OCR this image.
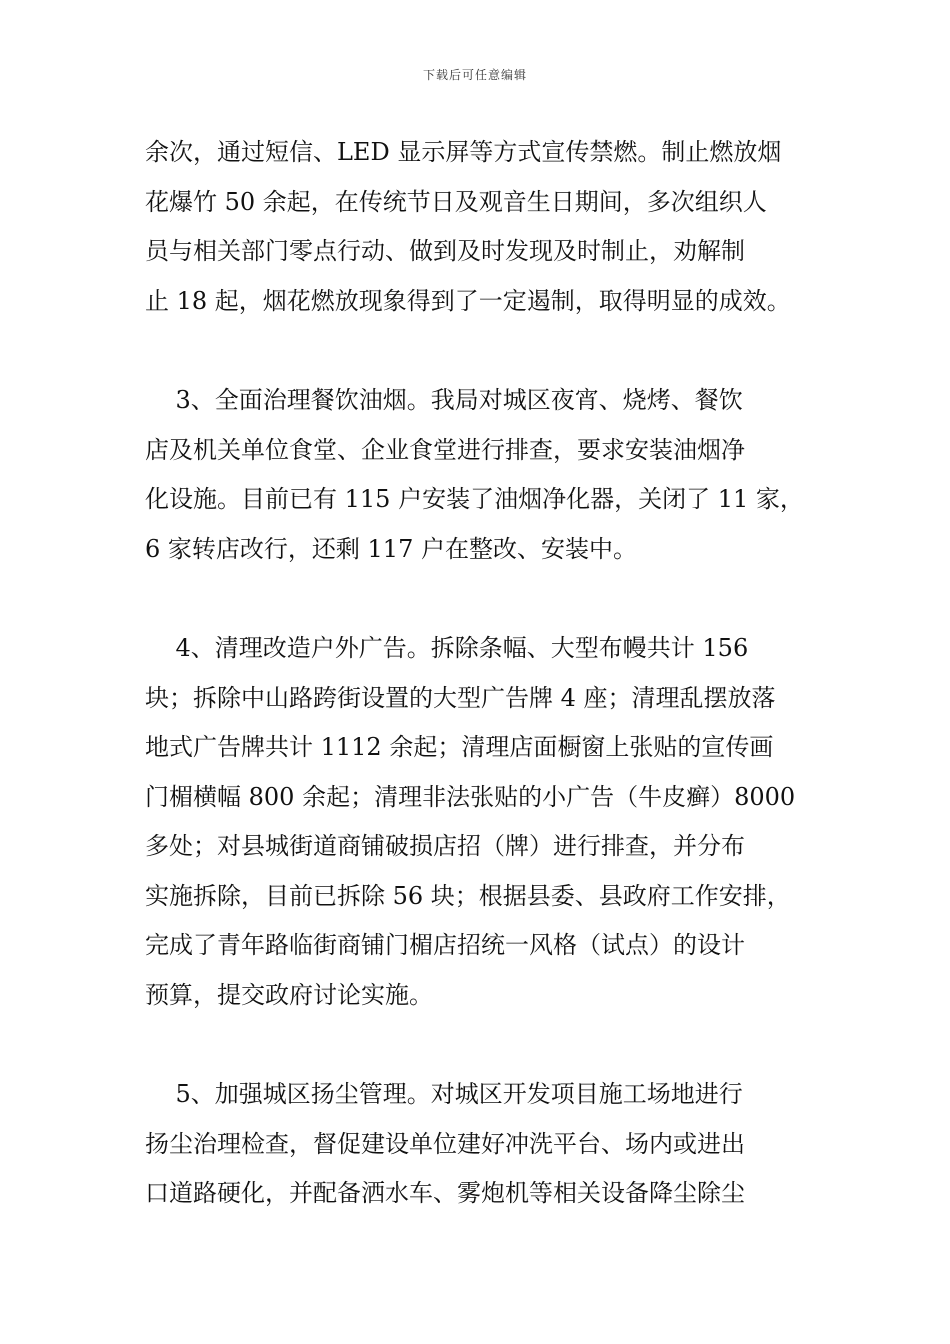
下载后可任意编辑
余次，通过短信、LED 显示屏等方式宣传禁燃。制止燃放烟
花爆竹 50 余起，在传统节日及观音生日期间，多次组织人
员与相关部门零点行动、做到及时发现及时制止，劝解制
止 18 起，烟花燃放现象得到了一定遏制，取得明显的成效。
3、全面治理餐饮油烟。我局对城区夜宵、烧烤、餐饮
店及机关单位食堂、企业食堂进行排查，要求安装油烟净
化设施。目前已有 115 户安装了油烟净化器，关闭了 11 家，
6 家转店改行，还剩 117 户在整改、安装中。
4、清理改造户外广告。拆除条幅、大型布幔共计 156
块；拆除中山路跨街设置的大型广告牌 4 座；清理乱摆放落
地式广告牌共计 1112 余起；清理店面橱窗上张贴的宣传画
门楣横幅 800 余起；清理非法张贴的小广告（牛皮癣）8000
多处；对县城街道商铺破损店招（牌）进行排查，并分布
实施拆除，目前已拆除 56 块；根据县委、县政府工作安排，
完成了青年路临街商铺门楣店招统一风格（试点）的设计
预算，提交政府讨论实施。
5、加强城区扬尘管理。对城区开发项目施工场地进行
扬尘治理检查，督促建设单位建好冲洗平台、场内或进出
口道路硬化，并配备洒水车、雾炮机等相关设备降尘除尘
